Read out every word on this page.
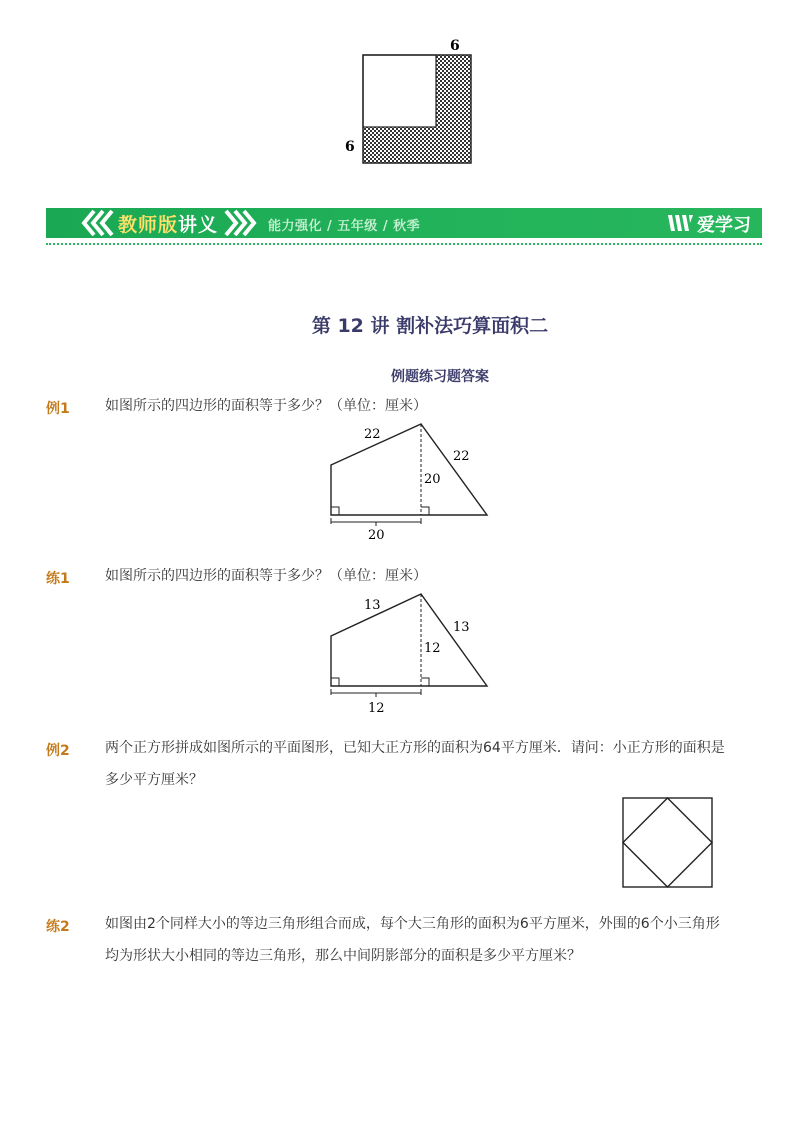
6
6
教师版讲义	能力强化 / 五年级 / 秋季	爱学习
第 12 讲 割补法巧算面积二
例题练习题答案
例1	如图所示的四边形的面积等于多少？（单位：厘米）
22
22
20
20
练1	如图所示的四边形的面积等于多少？（单位：厘米）
13
13
12
12
例2	两个正方形拼成如图所示的平面图形，已知大正方形的面积为64平方厘米．请问：小正方形的面积是多少平方厘米？
练2	如图由2个同样大小的等边三角形组合而成，每个大三角形的面积为6平方厘米，外围的6个小三角形均为形状大小相同的等边三角形，那么中间阴影部分的面积是多少平方厘米？
